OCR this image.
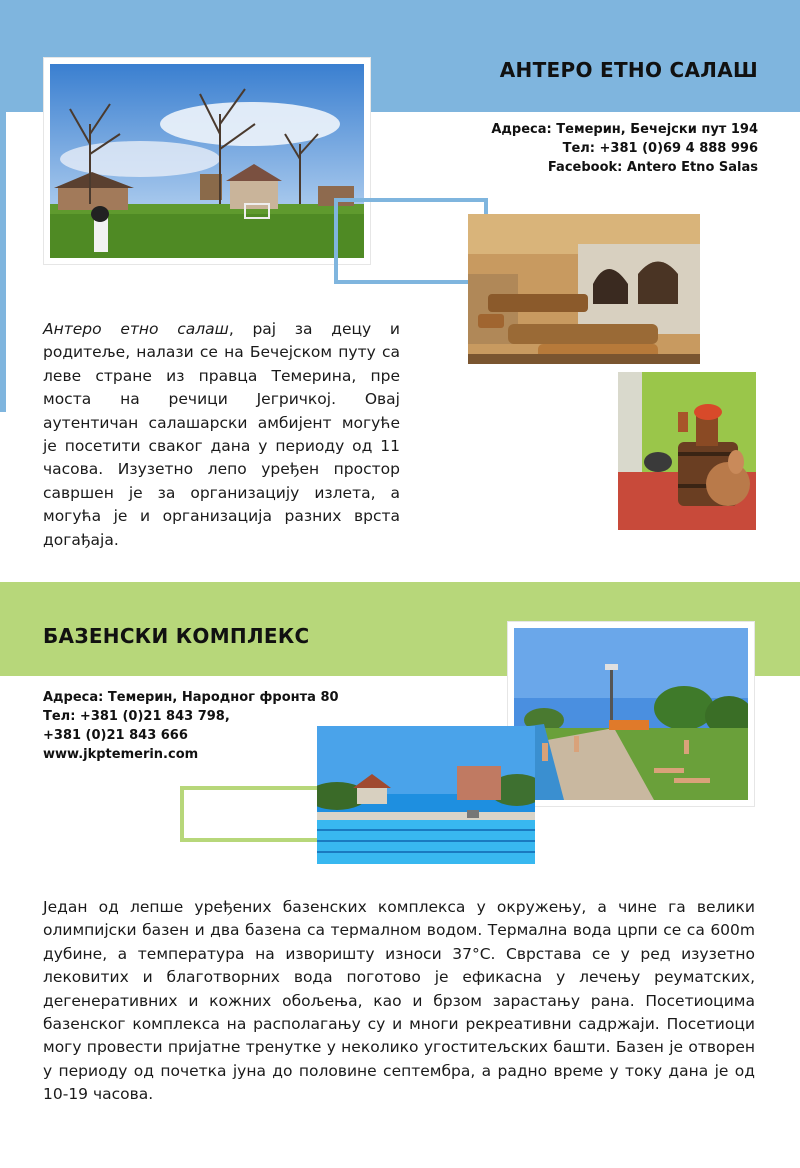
АНТЕРО ЕТНО САЛАШ
Адреса: Темерин, Бечејски пут 194
Тел: +381 (0)69 4 888 996
Facebook: Antero Etno Salas
Антеро етно салаш, рај за децу и родитеље, налази се на Бечејском путу са леве стране из правца Темерина, пре моста на речици Јегричкој. Овај аутентичан салашарски амбијент могуће је посетити сваког дана у периоду од 11 часова. Изузетно лепо уређен простор савршен је за организацију излета, а могућа је и организација разних врста догађаја.
БАЗЕНСКИ КОМПЛЕКС
Адреса: Темерин, Народног фронта 80
Тел: +381 (0)21 843 798,
+381 (0)21 843 666
www.jkptemerin.com
Један од лепше уређених базенских комплекса у окружењу, а чине га велики олимпијски базен и два базена са термалном водом. Термална вода црпи се са 600m дубине, а температура на изворишту износи 37°C. Сврстава се у ред изузетно лековитих и благотворних вода поготово је ефикасна у лечењу реуматских, дегенеративних и кожних обољења, као и брзом зарастању рана. Посетиоцима базенског комплекса на располагању су и многи рекреативни садржаји. Посетиоци могу провести пријатне тренутке у неколико угоститељских башти. Базен је отворен у периоду од почетка јуна до половине септембра, а радно време у току дана је од 10-19 часова.
